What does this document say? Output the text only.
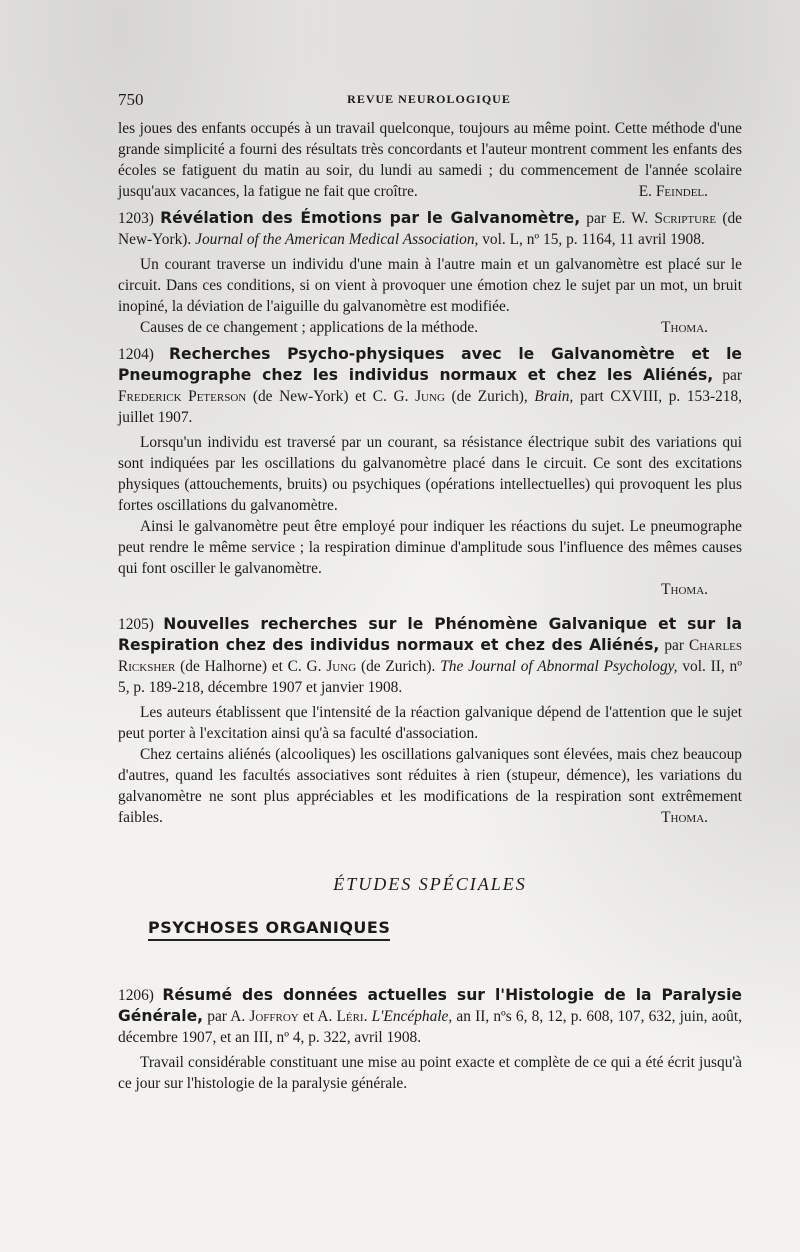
750	REVUE NEUROLOGIQUE

les joues des enfants occupés à un travail quelconque, toujours au même point. Cette méthode d'une grande simplicité a fourni des résultats très concordants et l'auteur montrent comment les enfants des écoles se fatiguent du matin au soir, du lundi au samedi ; du commencement de l'année scolaire jusqu'aux vacances, la fatigue ne fait que croître.	E. Feindel.

1203) Révélation des Émotions par le Galvanomètre, par E. W. Scripture (de New-York). Journal of the American Medical Association, vol. L, nº 15, p. 1164, 11 avril 1908.

Un courant traverse un individu d'une main à l'autre main et un galvanomètre est placé sur le circuit. Dans ces conditions, si on vient à provoquer une émotion chez le sujet par un mot, un bruit inopiné, la déviation de l'aiguille du galvanomètre est modifiée.

Causes de ce changement ; applications de la méthode.	Thoma.

1204) Recherches Psycho-physiques avec le Galvanomètre et le Pneumographe chez les individus normaux et chez les Aliénés, par Frederick Peterson (de New-York) et C. G. Jung (de Zurich), Brain, part CXVIII, p. 153-218, juillet 1907.

Lorsqu'un individu est traversé par un courant, sa résistance électrique subit des variations qui sont indiquées par les oscillations du galvanomètre placé dans le circuit. Ce sont des excitations physiques (attouchements, bruits) ou psychiques (opérations intellectuelles) qui provoquent les plus fortes oscillations du galvanomètre.

Ainsi le galvanomètre peut être employé pour indiquer les réactions du sujet. Le pneumographe peut rendre le même service ; la respiration diminue d'amplitude sous l'influence des mêmes causes qui font osciller le galvanomètre.

Thoma.

1205) Nouvelles recherches sur le Phénomène Galvanique et sur la Respiration chez des individus normaux et chez des Aliénés, par Charles Ricksher (de Halhorne) et C. G. Jung (de Zurich). The Journal of Abnormal Psychology, vol. II, nº 5, p. 189-218, décembre 1907 et janvier 1908.

Les auteurs établissent que l'intensité de la réaction galvanique dépend de l'attention que le sujet peut porter à l'excitation ainsi qu'à sa faculté d'association.

Chez certains aliénés (alcooliques) les oscillations galvaniques sont élevées, mais chez beaucoup d'autres, quand les facultés associatives sont réduites à rien (stupeur, démence), les variations du galvanomètre ne sont plus appréciables et les modifications de la respiration sont extrêmement faibles.	Thoma.

ÉTUDES SPÉCIALES
PSYCHOSES ORGANIQUES

1206) Résumé des données actuelles sur l'Histologie de la Paralysie Générale, par A. Joffroy et A. Léri. L'Encéphale, an II, nºs 6, 8, 12, p. 608, 107, 632, juin, août, décembre 1907, et an III, nº 4, p. 322, avril 1908.

Travail considérable constituant une mise au point exacte et complète de ce qui a été écrit jusqu'à ce jour sur l'histologie de la paralysie générale.
